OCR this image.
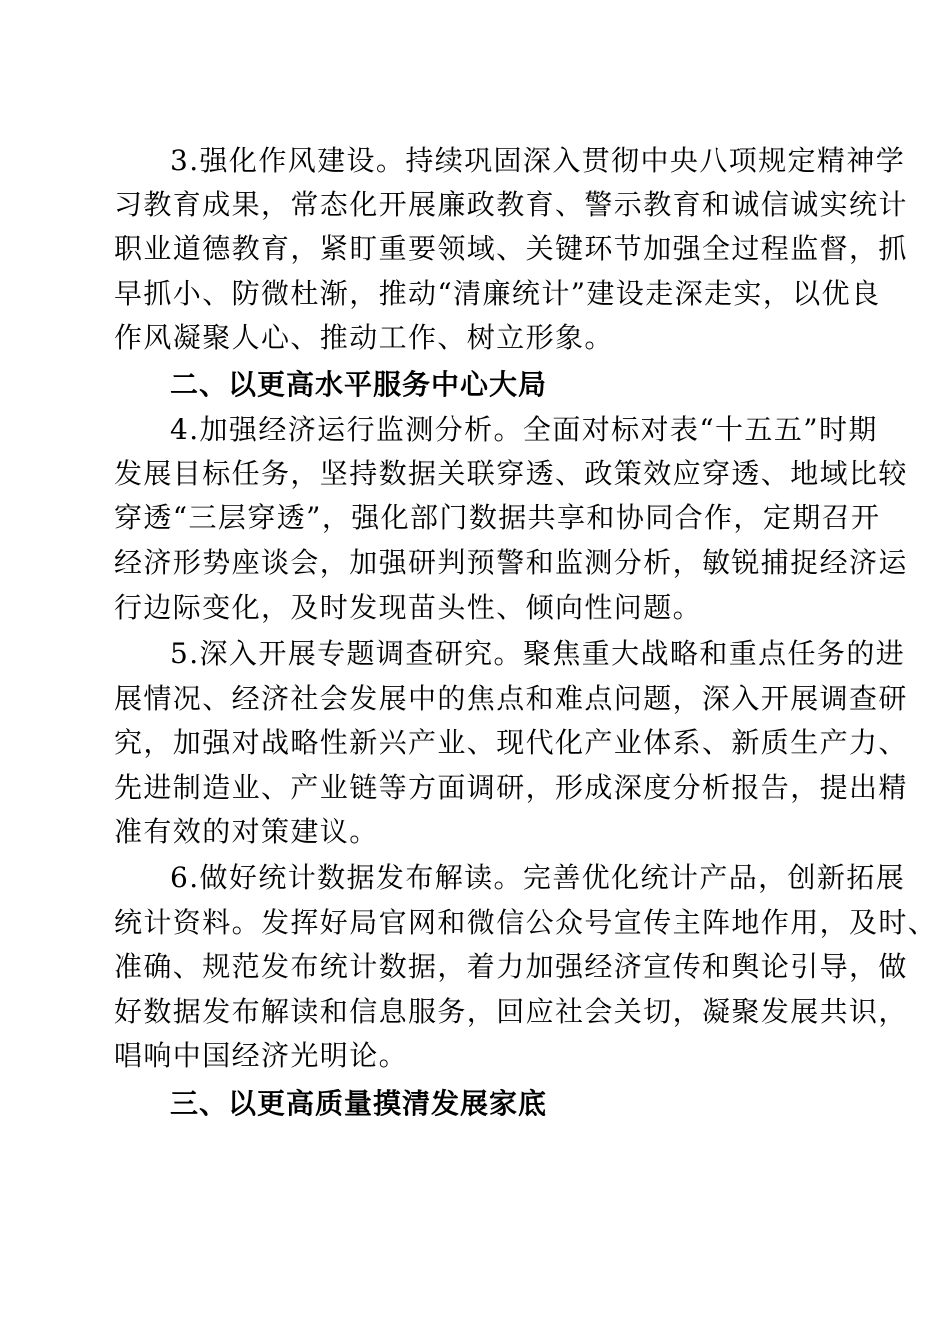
3.强化作风建设。持续巩固深入贯彻中央八项规定精神学
习教育成果，常态化开展廉政教育、警示教育和诚信诚实统计
职业道德教育，紧盯重要领域、关键环节加强全过程监督，抓
早抓小、防微杜渐，推动“清廉统计”建设走深走实，以优良
作风凝聚人心、推动工作、树立形象。
二、以更高水平服务中心大局
4.加强经济运行监测分析。全面对标对表“十五五”时期
发展目标任务，坚持数据关联穿透、政策效应穿透、地域比较
穿透“三层穿透”，强化部门数据共享和协同合作，定期召开
经济形势座谈会，加强研判预警和监测分析，敏锐捕捉经济运
行边际变化，及时发现苗头性、倾向性问题。
5.深入开展专题调查研究。聚焦重大战略和重点任务的进
展情况、经济社会发展中的焦点和难点问题，深入开展调查研
究，加强对战略性新兴产业、现代化产业体系、新质生产力、
先进制造业、产业链等方面调研，形成深度分析报告，提出精
准有效的对策建议。
6.做好统计数据发布解读。完善优化统计产品，创新拓展
统计资料。发挥好局官网和微信公众号宣传主阵地作用，及时、
准确、规范发布统计数据，着力加强经济宣传和舆论引导，做
好数据发布解读和信息服务，回应社会关切，凝聚发展共识，
唱响中国经济光明论。
三、以更高质量摸清发展家底
